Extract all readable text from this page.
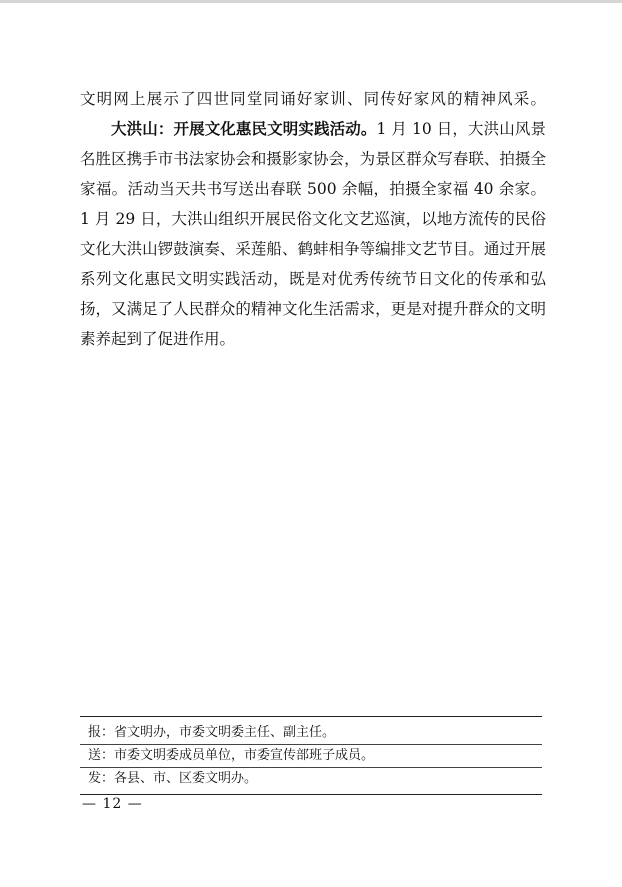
文明网上展示了四世同堂同诵好家训、同传好家风的精神风采。

大洪山：开展文化惠民文明实践活动。1 月 10 日，大洪山风景名胜区携手市书法家协会和摄影家协会，为景区群众写春联、拍摄全家福。活动当天共书写送出春联 500 余幅，拍摄全家福 40 余家。1 月 29 日，大洪山组织开展民俗文化文艺巡演，以地方流传的民俗文化大洪山锣鼓演奏、采莲船、鹤蚌相争等编排文艺节目。通过开展系列文化惠民文明实践活动，既是对优秀传统节日文化的传承和弘扬，又满足了人民群众的精神文化生活需求，更是对提升群众的文明素养起到了促进作用。

报：省文明办，市委文明委主任、副主任。
送：市委文明委成员单位，市委宣传部班子成员。
发：各县、市、区委文明办。
— 12 —
